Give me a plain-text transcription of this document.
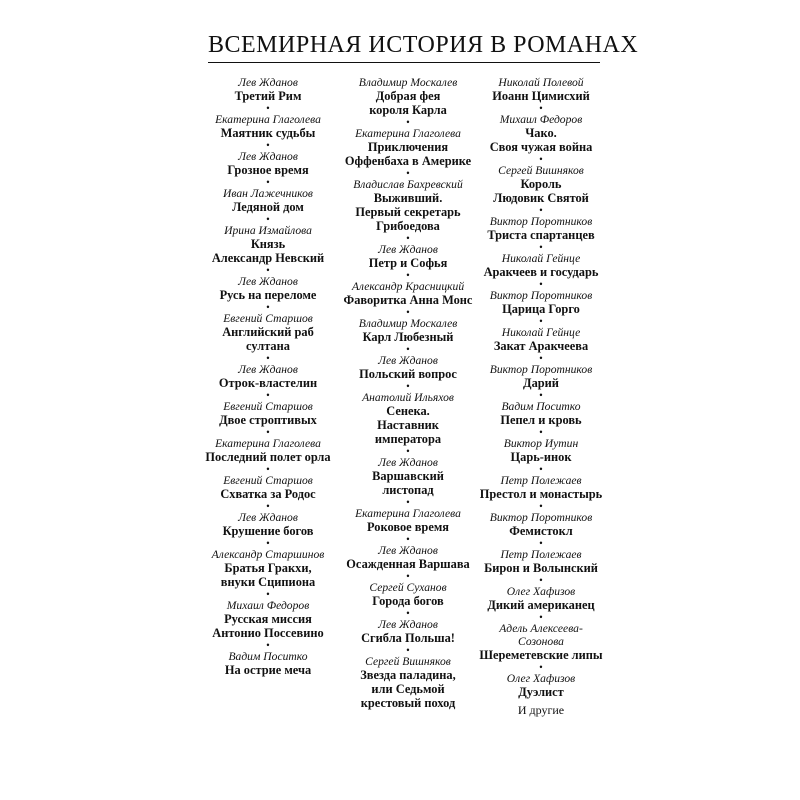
ВСЕМИРНАЯ ИСТОРИЯ В РОМАНАХ
Лев Жданов
Третий Рим
•
Екатерина Глаголева
Маятник судьбы
•
Лев Жданов
Грозное время
•
Иван Лажечников
Ледяной дом
•
Ирина Измайлова
Князь
Александр Невский
•
Лев Жданов
Русь на переломе
•
Евгений Старшов
Английский раб
султана
•
Лев Жданов
Отрок-властелин
•
Евгений Старшов
Двое строптивых
•
Екатерина Глаголева
Последний полет орла
•
Евгений Старшов
Схватка за Родос
•
Лев Жданов
Крушение богов
•
Александр Старшинов
Братья Гракхи,
внуки Сципиона
•
Михаил Федоров
Русская миссия
Антонио Поссевино
•
Вадим Поситко
На острие меча
Владимир Москалев
Добрая фея
короля Карла
•
Екатерина Глаголева
Приключения
Оффенбаха в Америке
•
Владислав Бахревский
Выживший.
Первый секретарь
Грибоедова
•
Лев Жданов
Петр и Софья
•
Александр Красницкий
Фаворитка Анна Монс
•
Владимир Москалев
Карл Любезный
•
Лев Жданов
Польский вопрос
•
Анатолий Ильяхов
Сенека.
Наставник
императора
•
Лев Жданов
Варшавский
листопад
•
Екатерина Глаголева
Роковое время
•
Лев Жданов
Осажденная Варшава
•
Сергей Суханов
Города богов
•
Лев Жданов
Сгибла Польша!
•
Сергей Вишняков
Звезда паладина,
или Седьмой
крестовый поход
Николай Полевой
Иоанн Цимисхий
•
Михаил Федоров
Чако.
Своя чужая война
•
Сергей Вишняков
Король
Людовик Святой
•
Виктор Поротников
Триста спартанцев
•
Николай Гейнце
Аракчеев и государь
•
Виктор Поротников
Царица Горго
•
Николай Гейнце
Закат Аракчеева
•
Виктор Поротников
Дарий
•
Вадим Поситко
Пепел и кровь
•
Виктор Иутин
Царь-инок
•
Петр Полежаев
Престол и монастырь
•
Виктор Поротников
Фемистокл
•
Петр Полежаев
Бирон и Волынский
•
Олег Хафизов
Дикий американец
•
Адель Алексеева-
Созонова
Шереметевские липы
•
Олег Хафизов
Дуэлист
И другие
